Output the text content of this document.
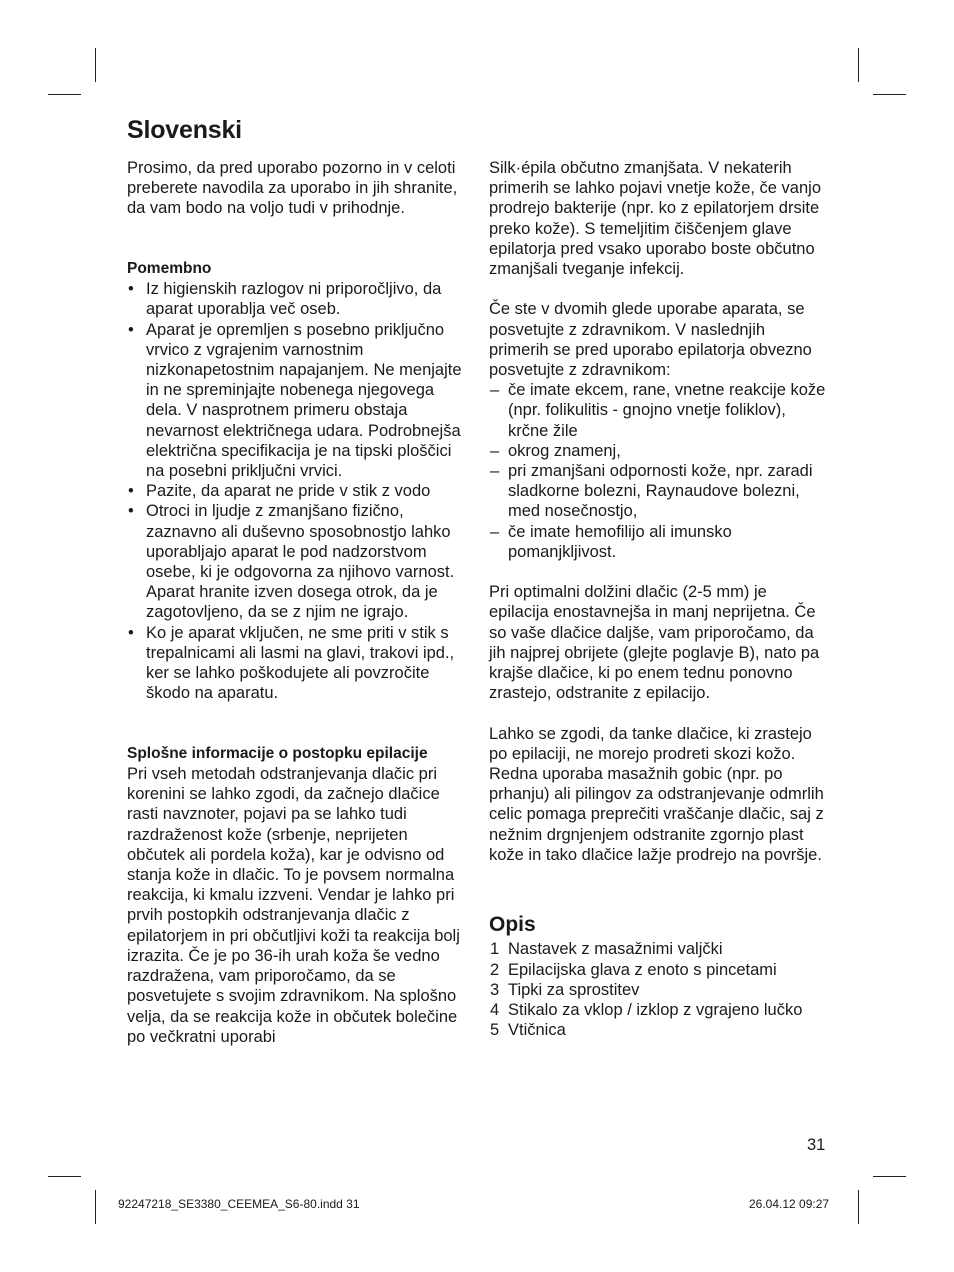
Slovenski

Prosimo, da pred uporabo pozorno in v celoti preberete navodila za uporabo in jih shranite, da vam bodo na voljo tudi v prihodnje.

Pomembno

• Iz higienskih razlogov ni priporočljivo, da aparat uporablja več oseb.
• Aparat je opremljen s posebno priključno vrvico z vgrajenim varnostnim nizkonapetostnim napajanjem. Ne menjajte in ne spreminjajte nobenega njegovega dela. V nasprotnem primeru obstaja nevarnost električnega udara. Podrobnejša električna specifikacija je na tipski ploščici na posebni priključni vrvici.
• Pazite, da aparat ne pride v stik z vodo
• Otroci in ljudje z zmanjšano fizično, zaznavno ali duševno sposobnostjo lahko uporabljajo aparat le pod nadzorstvom osebe, ki je odgovorna za njihovo varnost. Aparat hranite izven dosega otrok, da je zagotovljeno, da se z njim ne igrajo.
• Ko je aparat vključen, ne sme priti v stik s trepalnicami ali lasmi na glavi, trakovi ipd., ker se lahko poškodujete ali povzročite škodo na aparatu.

Splošne informacije o postopku epilacije

Pri vseh metodah odstranjevanja dlačic pri korenini se lahko zgodi, da začnejo dlačice rasti navznoter, pojavi pa se lahko tudi razdraženost kože (srbenje, neprijeten občutek ali pordela koža), kar je odvisno od stanja kože in dlačic. To je povsem normalna reakcija, ki kmalu izzveni. Vendar je lahko pri prvih postopkih odstranjevanja dlačic z epilatorjem in pri občutljivi koži ta reakcija bolj izrazita. Če je po 36-ih urah koža še vedno razdražena, vam priporočamo, da se posvetujete s svojim zdravnikom. Na splošno velja, da se reakcija kože in občutek bolečine po večkratni uporabi

Silk·épila občutno zmanjšata. V nekaterih primerih se lahko pojavi vnetje kože, če vanjo prodrejo bakterije (npr. ko z epilatorjem drsite preko kože). S temeljitim čiščenjem glave epilatorja pred vsako uporabo boste občutno zmanjšali tveganje infekcij.

Če ste v dvomih glede uporabe aparata, se posvetujte z zdravnikom. V naslednjih primerih se pred uporabo epilatorja obvezno posvetujte z zdravnikom:

– če imate ekcem, rane, vnetne reakcije kože (npr. folikulitis - gnojno vnetje foliklov), krčne žile
– okrog znamenj,
– pri zmanjšani odpornosti kože, npr. zaradi sladkorne bolezni, Raynaudove bolezni, med nosečnostjo,
– če imate hemofilijo ali imunsko pomanjkljivost.

Pri optimalni dolžini dlačic (2-5 mm) je epilacija enostavnejša in manj neprijetna. Če so vaše dlačice daljše, vam priporočamo, da jih najprej obrijete (glejte poglavje B), nato pa krajše dlačice, ki po enem tednu ponovno zrastejo, odstranite z epilacijo.

Lahko se zgodi, da tanke dlačice, ki zrastejo po epilaciji, ne morejo prodreti skozi kožo. Redna uporaba masažnih gobic (npr. po prhanju) ali pilingov za odstranjevanje odmrlih celic pomaga preprečiti vraščanje dlačic, saj z nežnim drgnjenjem odstranite zgornjo plast kože in tako dlačice lažje prodrejo na površje.

Opis

1 Nastavek z masažnimi valjčki
2 Epilacijska glava z enoto s pincetami
3 Tipki za sprostitev
4 Stikalo za vklop / izklop z vgrajeno lučko
5 Vtičnica
31
92247218_SE3380_CEEMEA_S6-80.indd 31	26.04.12 09:27
